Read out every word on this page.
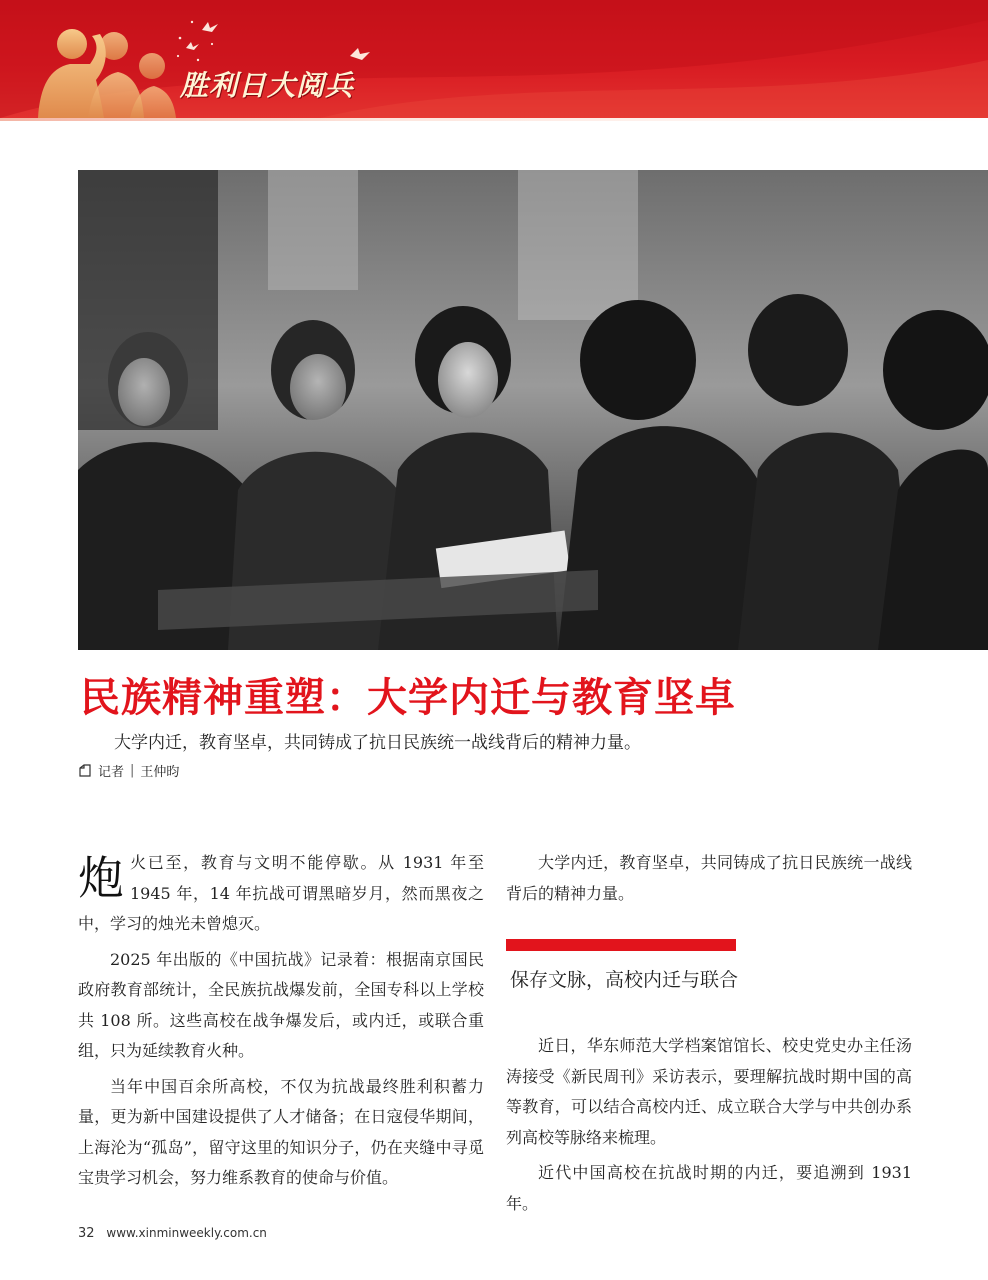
胜利日大阅兵
民族精神重塑：大学内迁与教育坚卓
大学内迁，教育坚卓，共同铸成了抗日民族统一战线背后的精神力量。
记者 | 王仲昀

炮火已至，教育与文明不能停歇。从 1931 年至 1945 年，14 年抗战可谓黑暗岁月，然而黑夜之中，学习的烛光未曾熄灭。

2025 年出版的《中国抗战》记录着：根据南京国民政府教育部统计，全民族抗战爆发前，全国专科以上学校共 108 所。这些高校在战争爆发后，或内迁，或联合重组，只为延续教育火种。

当年中国百余所高校，不仅为抗战最终胜利积蓄力量，更为新中国建设提供了人才储备；在日寇侵华期间，上海沦为“孤岛”，留守这里的知识分子，仍在夹缝中寻觅宝贵学习机会，努力维系教育的使命与价值。

大学内迁，教育坚卓，共同铸成了抗日民族统一战线背后的精神力量。

保存文脉，高校内迁与联合

近日，华东师范大学档案馆馆长、校史党史办主任汤涛接受《新民周刊》采访表示，要理解抗战时期中国的高等教育，可以结合高校内迁、成立联合大学与中共创办系列高校等脉络来梳理。

近代中国高校在抗战时期的内迁，要追溯到 1931 年。

32 www.xinminweekly.com.cn
